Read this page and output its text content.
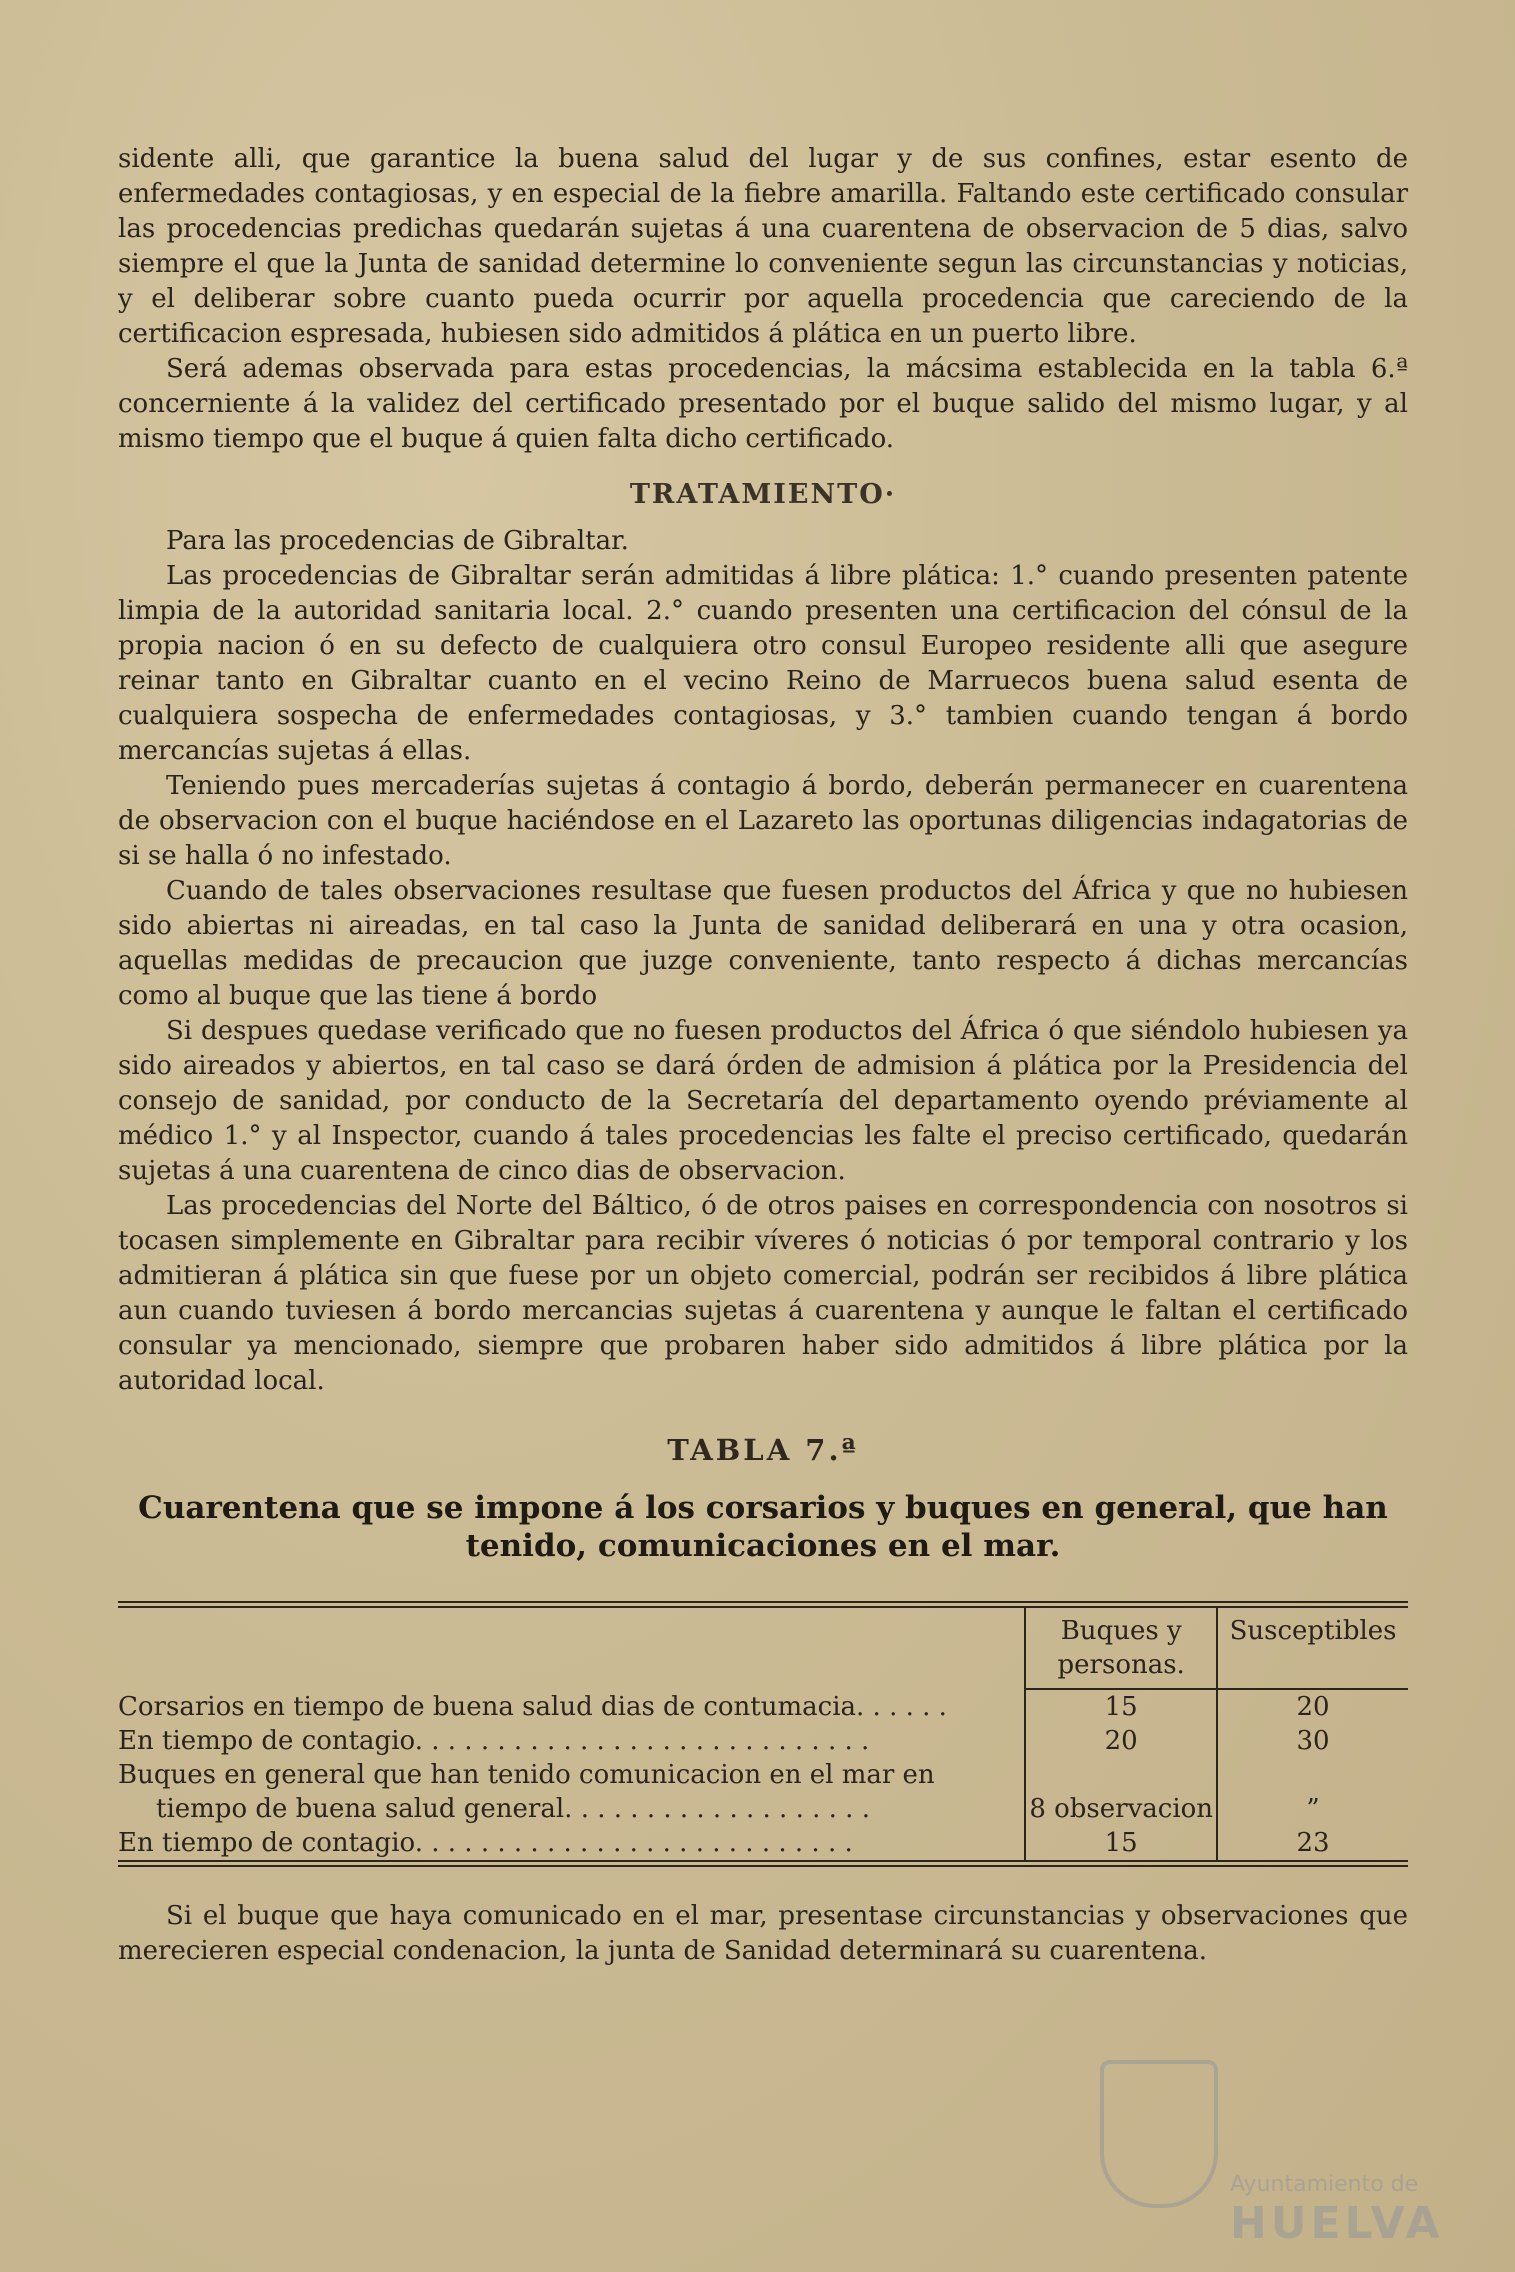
sidente alli, que garantice la buena salud del lugar y de sus confines, estar esento de enfermedades contagiosas, y en especial de la fiebre amarilla. Faltando este certificado consular las procedencias predichas quedarán sujetas á una cuarentena de observacion de 5 dias, salvo siempre el que la Junta de sanidad determine lo conveniente segun las circunstancias y noticias, y el deliberar sobre cuanto pueda ocurrir por aquella procedencia que careciendo de la certificacion espresada, hubiesen sido admitidos á plática en un puerto libre.

Será ademas observada para estas procedencias, la mácsima establecida en la tabla 6.ª concerniente á la validez del certificado presentado por el buque salido del mismo lugar, y al mismo tiempo que el buque á quien falta dicho certificado.

TRATAMIENTO·

Para las procedencias de Gibraltar.

Las procedencias de Gibraltar serán admitidas á libre plática: 1.° cuando presenten patente limpia de la autoridad sanitaria local. 2.° cuando presenten una certificacion del cónsul de la propia nacion ó en su defecto de cualquiera otro consul Europeo residente alli que asegure reinar tanto en Gibraltar cuanto en el vecino Reino de Marruecos buena salud esenta de cualquiera sospecha de enfermedades contagiosas, y 3.° tambien cuando tengan á bordo mercancías sujetas á ellas.

Teniendo pues mercaderías sujetas á contagio á bordo, deberán permanecer en cuarentena de observacion con el buque haciéndose en el Lazareto las oportunas diligencias indagatorias de si se halla ó no infestado.

Cuando de tales observaciones resultase que fuesen productos del África y que no hubiesen sido abiertas ni aireadas, en tal caso la Junta de sanidad deliberará en una y otra ocasion, aquellas medidas de precaucion que juzge conveniente, tanto respecto á dichas mercancías como al buque que las tiene á bordo

Si despues quedase verificado que no fuesen productos del África ó que siéndolo hubiesen ya sido aireados y abiertos, en tal caso se dará órden de admision á plática por la Presidencia del consejo de sanidad, por conducto de la Secretaría del departamento oyendo préviamente al médico 1.° y al Inspector, cuando á tales procedencias les falte el preciso certificado, quedarán sujetas á una cuarentena de cinco dias de observacion.

Las procedencias del Norte del Báltico, ó de otros paises en correspondencia con nosotros si tocasen simplemente en Gibraltar para recibir víveres ó noticias ó por temporal contrario y los admitieran á plática sin que fuese por un objeto comercial, podrán ser recibidos á libre plática aun cuando tuviesen á bordo mercancias sujetas á cuarentena y aunque le faltan el certificado consular ya mencionado, siempre que probaren haber sido admitidos á libre plática por la autoridad local.

TABLA 7.ª
Cuarentena que se impone á los corsarios y buques en general, que han tenido, comunicaciones en el mar.
	Buques y personas.	Susceptibles
Corsarios en tiempo de buena salud dias de contumacia. . . . . .	15	20
En tiempo de contagio. . . . . . . . . . . . . . . . . . . . . . . . . . . .	20	30
Buques en general que han tenido comunicacion en el mar en
tiempo de buena salud general. . . . . . . . . . . . . . . . . . .	8 observacion	”
En tiempo de contagio. . . . . . . . . . . . . . . . . . . . . . . . . . .	15	23

Si el buque que haya comunicado en el mar, presentase circunstancias y observaciones que merecieren especial condenacion, la junta de Sanidad determinará su cuarentena.

Ayuntamiento de
HUELVA
